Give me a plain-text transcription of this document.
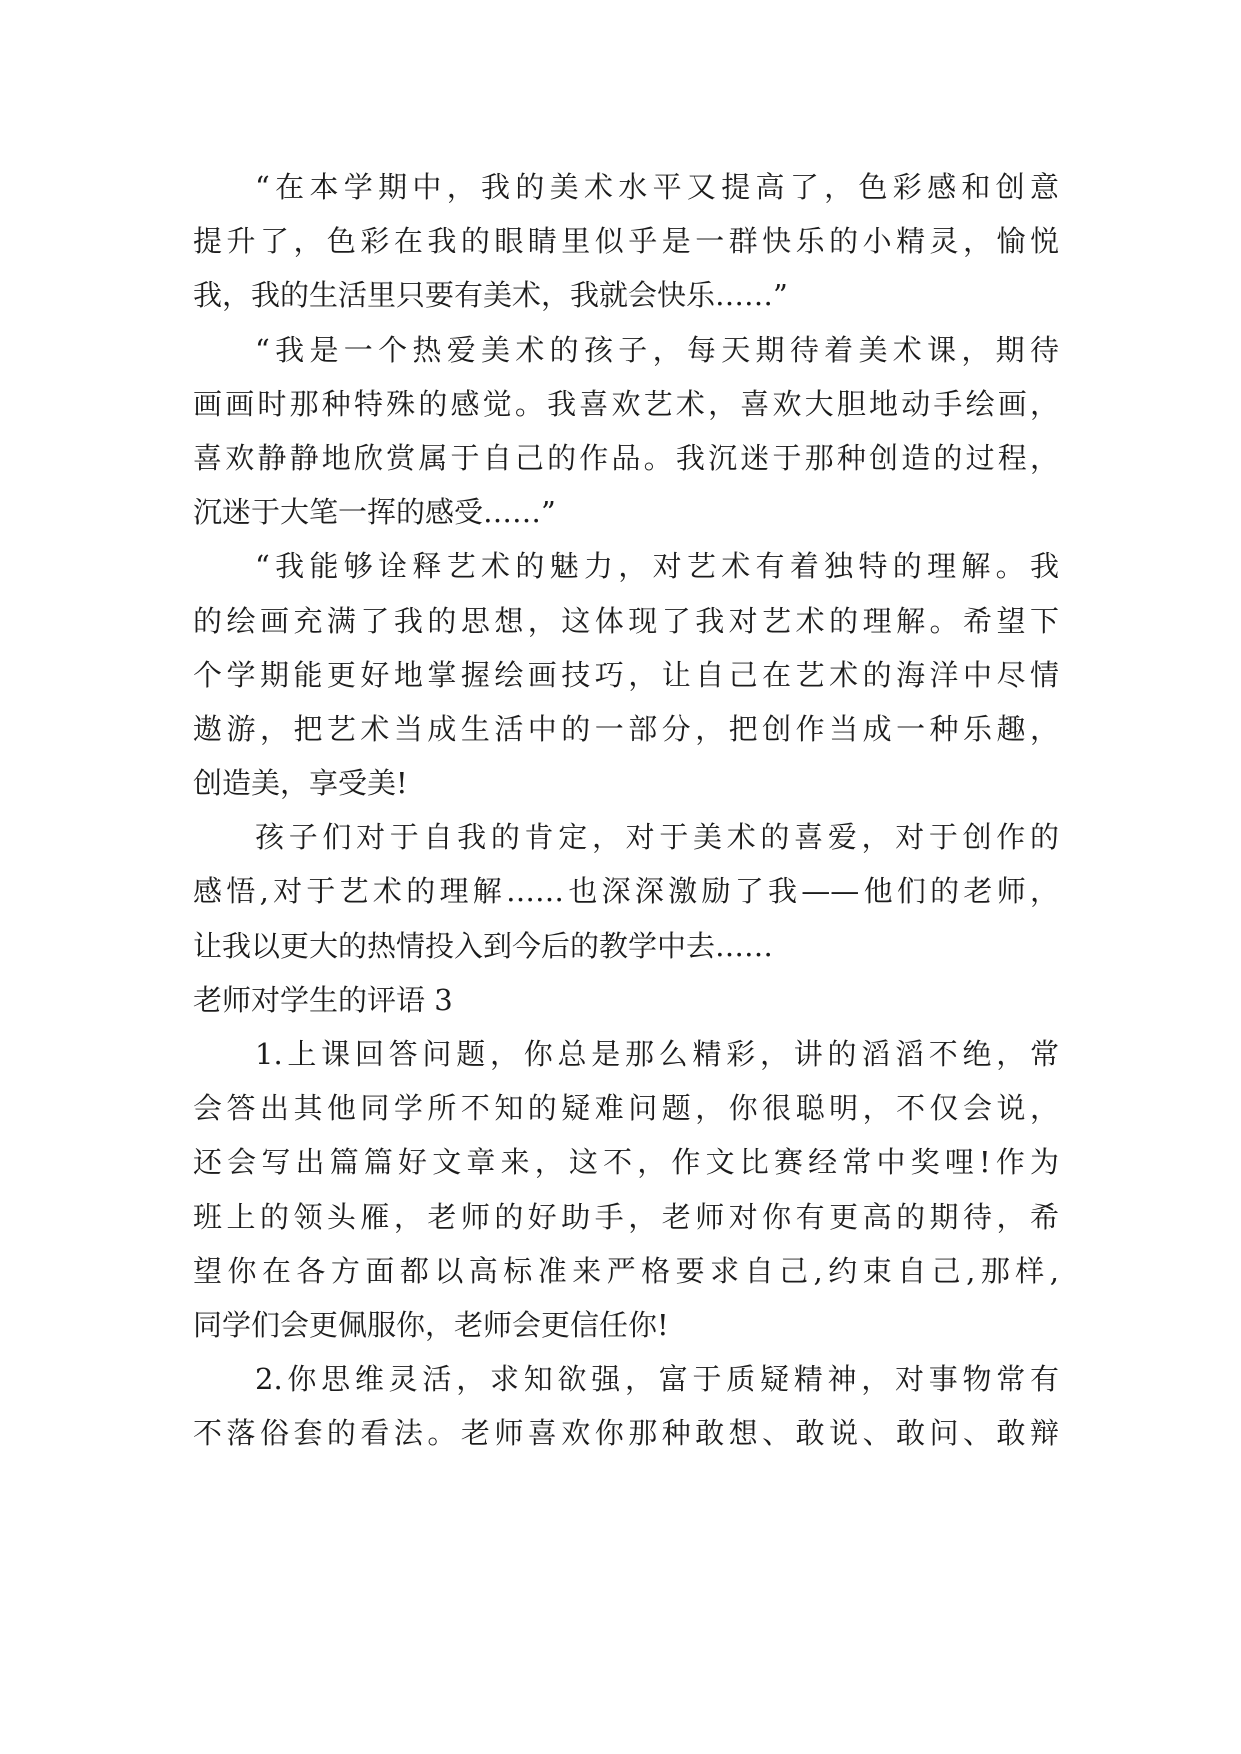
“在本学期中，我的美术水平又提高了，色彩感和创意
提升了，色彩在我的眼睛里似乎是一群快乐的小精灵，愉悦
我，我的生活里只要有美术，我就会快乐……”
“我是一个热爱美术的孩子，每天期待着美术课，期待
画画时那种特殊的感觉。我喜欢艺术，喜欢大胆地动手绘画，
喜欢静静地欣赏属于自己的作品。我沉迷于那种创造的过程，
沉迷于大笔一挥的感受……”
“我能够诠释艺术的魅力，对艺术有着独特的理解。我
的绘画充满了我的思想，这体现了我对艺术的理解。希望下
个学期能更好地掌握绘画技巧，让自己在艺术的海洋中尽情
遨游，把艺术当成生活中的一部分，把创作当成一种乐趣，
创造美，享受美!
孩子们对于自我的肯定，对于美术的喜爱，对于创作的
感悟,对于艺术的理解……也深深激励了我——他们的老师，
让我以更大的热情投入到今后的教学中去……
老师对学生的评语 3
1.上课回答问题，你总是那么精彩，讲的滔滔不绝，常
会答出其他同学所不知的疑难问题，你很聪明，不仅会说，
还会写出篇篇好文章来，这不，作文比赛经常中奖哩!作为
班上的领头雁，老师的好助手，老师对你有更高的期待，希
望你在各方面都以高标准来严格要求自己,约束自己,那样,
同学们会更佩服你，老师会更信任你!
2.你思维灵活，求知欲强，富于质疑精神，对事物常有
不落俗套的看法。老师喜欢你那种敢想、敢说、敢问、敢辩
